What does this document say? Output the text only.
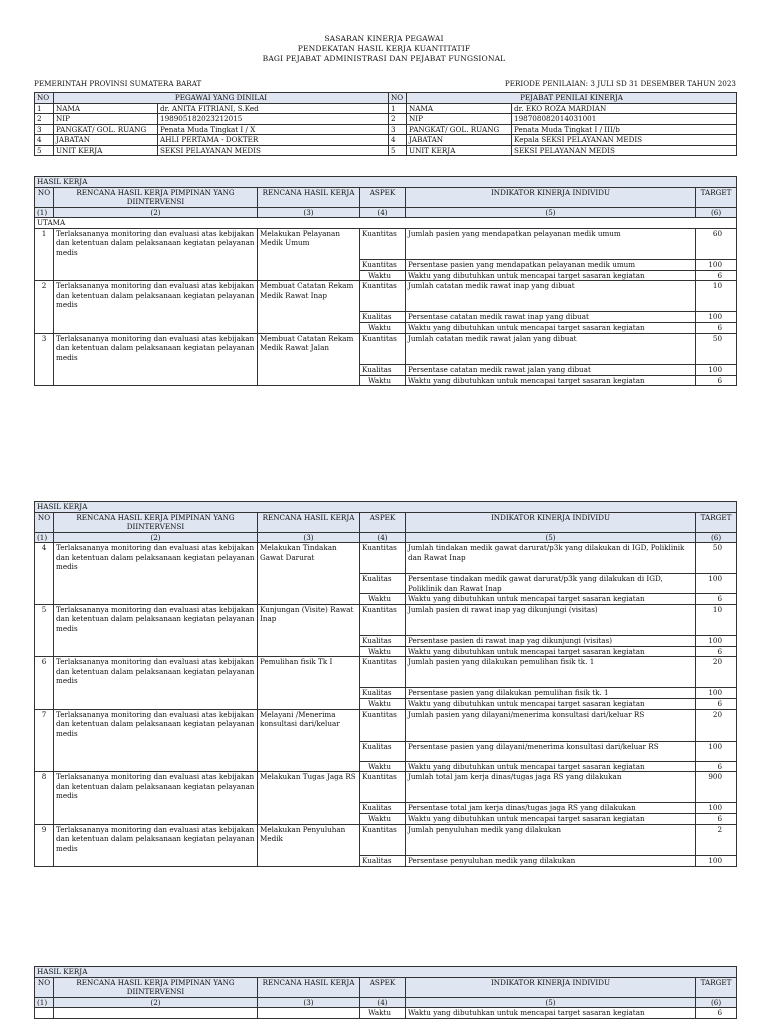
SASARAN KINERJA PEGAWAI
PENDEKATAN HASIL KERJA KUANTITATIF
BAGI PEJABAT ADMINISTRASI DAN PEJABAT FUNGSIONAL
PEMERINTAH PROVINSI SUMATERA BARAT	PERIODE PENILAIAN: 3 JULI SD 31 DESEMBER TAHUN 2023
NO	PEGAWAI YANG DINILAI		NO	PEJABAT PENILAI KINERJA	
1	NAMA	dr. ANITA FITRIANI, S.Ked	1	NAMA	dr. EKO ROZA MARDIAN
2	NIP	198905182023212015	2	NIP	198708082014031001
3	PANGKAT/ GOL. RUANG	Penata Muda Tingkat I / X	3	PANGKAT/ GOL. RUANG	Penata Muda Tingkat I / III/b
4	JABATAN	AHLI PERTAMA - DOKTER	4	JABATAN	Kepala SEKSI PELAYANAN MEDIS
5	UNIT KERJA	SEKSI PELAYANAN MEDIS	5	UNIT KERJA	SEKSI PELAYANAN MEDIS
HASIL KERJA					
NO	RENCANA HASIL KERJA PIMPINAN YANG DIINTERVENSI	RENCANA HASIL KERJA	ASPEK	INDIKATOR KINERJA INDIVIDU	TARGET
(1)	(2)	(3)	(4)	(5)	(6)
UTAMA					
1	Terlaksananya monitoring dan evaluasi atas kebijakan dan ketentuan dalam pelaksanaan kegiatan pelayanan medis	Melakukan Pelayanan Medik Umum	Kuantitas	Jumlah pasien yang mendapatkan pelayanan medik umum	60
			Kuantitas	Persentase pasien yang mendapatkan pelayanan medik umum	100
			Waktu	Waktu yang dibutuhkan untuk mencapai target sasaran kegiatan	6
2	Terlaksananya monitoring dan evaluasi atas kebijakan dan ketentuan dalam pelaksanaan kegiatan pelayanan medis	Membuat Catatan Rekam Medik Rawat Inap	Kuantitas	Jumlah catatan medik rawat inap yang dibuat	10
			Kualitas	Persentase catatan medik rawat inap yang dibuat	100
			Waktu	Waktu yang dibutuhkan untuk mencapai target sasaran kegiatan	6
3	Terlaksananya monitoring dan evaluasi atas kebijakan dan ketentuan dalam pelaksanaan kegiatan pelayanan medis	Membuat Catatan Rekam Medik Rawat Jalan	Kuantitas	Jumlah catatan medik rawat jalan yang dibuat	50
			Kualitas	Persentase catatan medik rawat jalan yang dibuat	100
			Waktu	Waktu yang dibutuhkan untuk mencapai target sasaran kegiatan	6
HASIL KERJA					
NO	RENCANA HASIL KERJA PIMPINAN YANG DIINTERVENSI	RENCANA HASIL KERJA	ASPEK	INDIKATOR KINERJA INDIVIDU	TARGET
(1)	(2)	(3)	(4)	(5)	(6)
4	Terlaksananya monitoring dan evaluasi atas kebijakan dan ketentuan dalam pelaksanaan kegiatan pelayanan medis	Melakukan Tindakan Gawat Darurat	Kuantitas	Jumlah tindakan medik gawat darurat/p3k yang dilakukan di IGD, Poliklinik dan Rawat Inap	50
			Kualitas	Persentase tindakan medik gawat darurat/p3k yang dilakukan di IGD, Poliklinik dan Rawat Inap	100
			Waktu	Waktu yang dibutuhkan untuk mencapai target sasaran kegiatan	6
5	Terlaksananya monitoring dan evaluasi atas kebijakan dan ketentuan dalam pelaksanaan kegiatan pelayanan medis	Kunjungan (Visite) Rawat Inap	Kuantitas	Jumlah pasien di rawat inap yag dikunjungi (visitas)	10
			Kualitas	Persentase pasien di rawat inap yag dikunjungi (visitas)	100
			Waktu	Waktu yang dibutuhkan untuk mencapai target sasaran kegiatan	6
6	Terlaksananya monitoring dan evaluasi atas kebijakan dan ketentuan dalam pelaksanaan kegiatan pelayanan medis	Pemulihan fisik Tk I	Kuantitas	Jumlah pasien yang dilakukan pemulihan fisik tk. 1	20
			Kualitas	Persentase pasien yang dilakukan pemulihan fisik tk. 1	100
			Waktu	Waktu yang dibutuhkan untuk mencapai target sasaran kegiatan	6
7	Terlaksananya monitoring dan evaluasi atas kebijakan dan ketentuan dalam pelaksanaan kegiatan pelayanan medis	Melayani /Menerima konsultasi dari/keluar	Kuantitas	Jumlah pasien yang dilayani/menerima konsultasi dari/keluar RS	20
			Kualitas	Persentase pasien yang dilayani/menerima konsultasi dari/keluar RS	100
			Waktu	Waktu yang dibutuhkan untuk mencapai target sasaran kegiatan	6
8	Terlaksananya monitoring dan evaluasi atas kebijakan dan ketentuan dalam pelaksanaan kegiatan pelayanan medis	Melakukan Tugas Jaga RS	Kuantitas	Jumlah total jam kerja dinas/tugas jaga RS yang dilakukan	900
			Kualitas	Persentase total jam kerja dinas/tugas jaga RS yang dilakukan	100
			Waktu	Waktu yang dibutuhkan untuk mencapai target sasaran kegiatan	6
9	Terlaksananya monitoring dan evaluasi atas kebijakan dan ketentuan dalam pelaksanaan kegiatan pelayanan medis	Melakukan Penyuluhan Medik	Kuantitas	Jumlah penyuluhan medik yang dilakukan	2
			Kualitas	Persentase penyuluhan medik yang dilakukan	100
HASIL KERJA					
NO	RENCANA HASIL KERJA PIMPINAN YANG DIINTERVENSI	RENCANA HASIL KERJA	ASPEK	INDIKATOR KINERJA INDIVIDU	TARGET
(1)	(2)	(3)	(4)	(5)	(6)
			Waktu	Waktu yang dibutuhkan untuk mencapai target sasaran kegiatan	6
